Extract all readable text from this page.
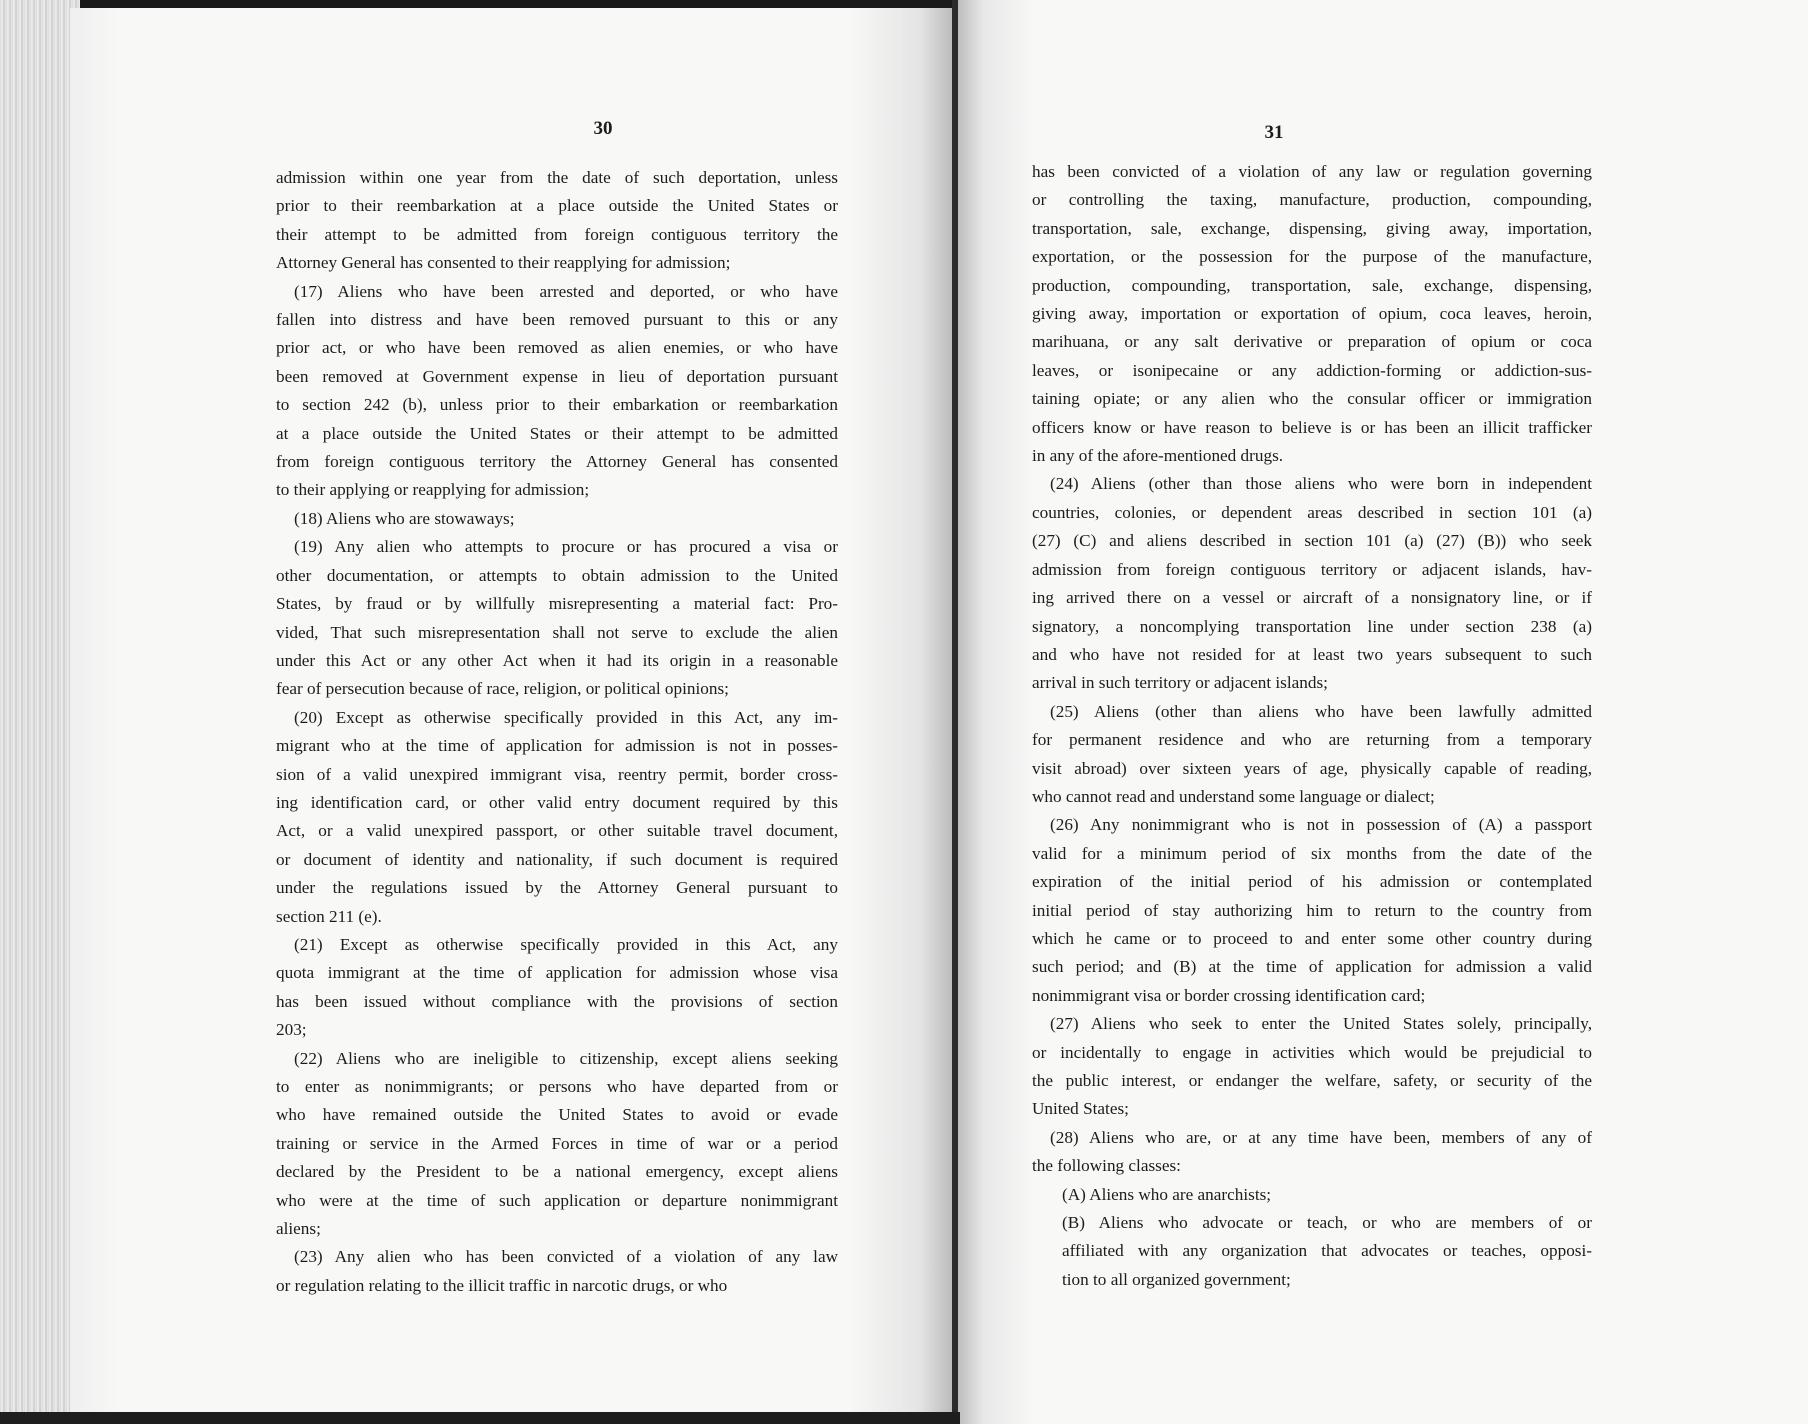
30
admission within one year from the date of such deportation, unless
prior to their reembarkation at a place outside the United States or
their attempt to be admitted from foreign contiguous territory the
Attorney General has consented to their reapplying for admission;
(17) Aliens who have been arrested and deported, or who have
fallen into distress and have been removed pursuant to this or any
prior act, or who have been removed as alien enemies, or who have
been removed at Government expense in lieu of deportation pursuant
to section 242 (b), unless prior to their embarkation or reembarkation
at a place outside the United States or their attempt to be admitted
from foreign contiguous territory the Attorney General has consented
to their applying or reapplying for admission;
(18) Aliens who are stowaways;
(19) Any alien who attempts to procure or has procured a visa or
other documentation, or attempts to obtain admission to the United
States, by fraud or by willfully misrepresenting a material fact: Pro-
vided, That such misrepresentation shall not serve to exclude the alien
under this Act or any other Act when it had its origin in a reasonable
fear of persecution because of race, religion, or political opinions;
(20) Except as otherwise specifically provided in this Act, any im-
migrant who at the time of application for admission is not in posses-
sion of a valid unexpired immigrant visa, reentry permit, border cross-
ing identification card, or other valid entry document required by this
Act, or a valid unexpired passport, or other suitable travel document,
or document of identity and nationality, if such document is required
under the regulations issued by the Attorney General pursuant to
section 211 (e).
(21) Except as otherwise specifically provided in this Act, any
quota immigrant at the time of application for admission whose visa
has been issued without compliance with the provisions of section
203;
(22) Aliens who are ineligible to citizenship, except aliens seeking
to enter as nonimmigrants; or persons who have departed from or
who have remained outside the United States to avoid or evade
training or service in the Armed Forces in time of war or a period
declared by the President to be a national emergency, except aliens
who were at the time of such application or departure nonimmigrant
aliens;
(23) Any alien who has been convicted of a violation of any law
or regulation relating to the illicit traffic in narcotic drugs, or who
31
has been convicted of a violation of any law or regulation governing
or controlling the taxing, manufacture, production, compounding,
transportation, sale, exchange, dispensing, giving away, importation,
exportation, or the possession for the purpose of the manufacture,
production, compounding, transportation, sale, exchange, dispensing,
giving away, importation or exportation of opium, coca leaves, heroin,
marihuana, or any salt derivative or preparation of opium or coca
leaves, or isonipecaine or any addiction-forming or addiction-sus-
taining opiate; or any alien who the consular officer or immigration
officers know or have reason to believe is or has been an illicit trafficker
in any of the afore-mentioned drugs.
(24) Aliens (other than those aliens who were born in independent
countries, colonies, or dependent areas described in section 101 (a)
(27) (C) and aliens described in section 101 (a) (27) (B)) who seek
admission from foreign contiguous territory or adjacent islands, hav-
ing arrived there on a vessel or aircraft of a nonsignatory line, or if
signatory, a noncomplying transportation line under section 238 (a)
and who have not resided for at least two years subsequent to such
arrival in such territory or adjacent islands;
(25) Aliens (other than aliens who have been lawfully admitted
for permanent residence and who are returning from a temporary
visit abroad) over sixteen years of age, physically capable of reading,
who cannot read and understand some language or dialect;
(26) Any nonimmigrant who is not in possession of (A) a passport
valid for a minimum period of six months from the date of the
expiration of the initial period of his admission or contemplated
initial period of stay authorizing him to return to the country from
which he came or to proceed to and enter some other country during
such period; and (B) at the time of application for admission a valid
nonimmigrant visa or border crossing identification card;
(27) Aliens who seek to enter the United States solely, principally,
or incidentally to engage in activities which would be prejudicial to
the public interest, or endanger the welfare, safety, or security of the
United States;
(28) Aliens who are, or at any time have been, members of any of
the following classes:
(A) Aliens who are anarchists;
(B) Aliens who advocate or teach, or who are members of or
affiliated with any organization that advocates or teaches, opposi-
tion to all organized government;
